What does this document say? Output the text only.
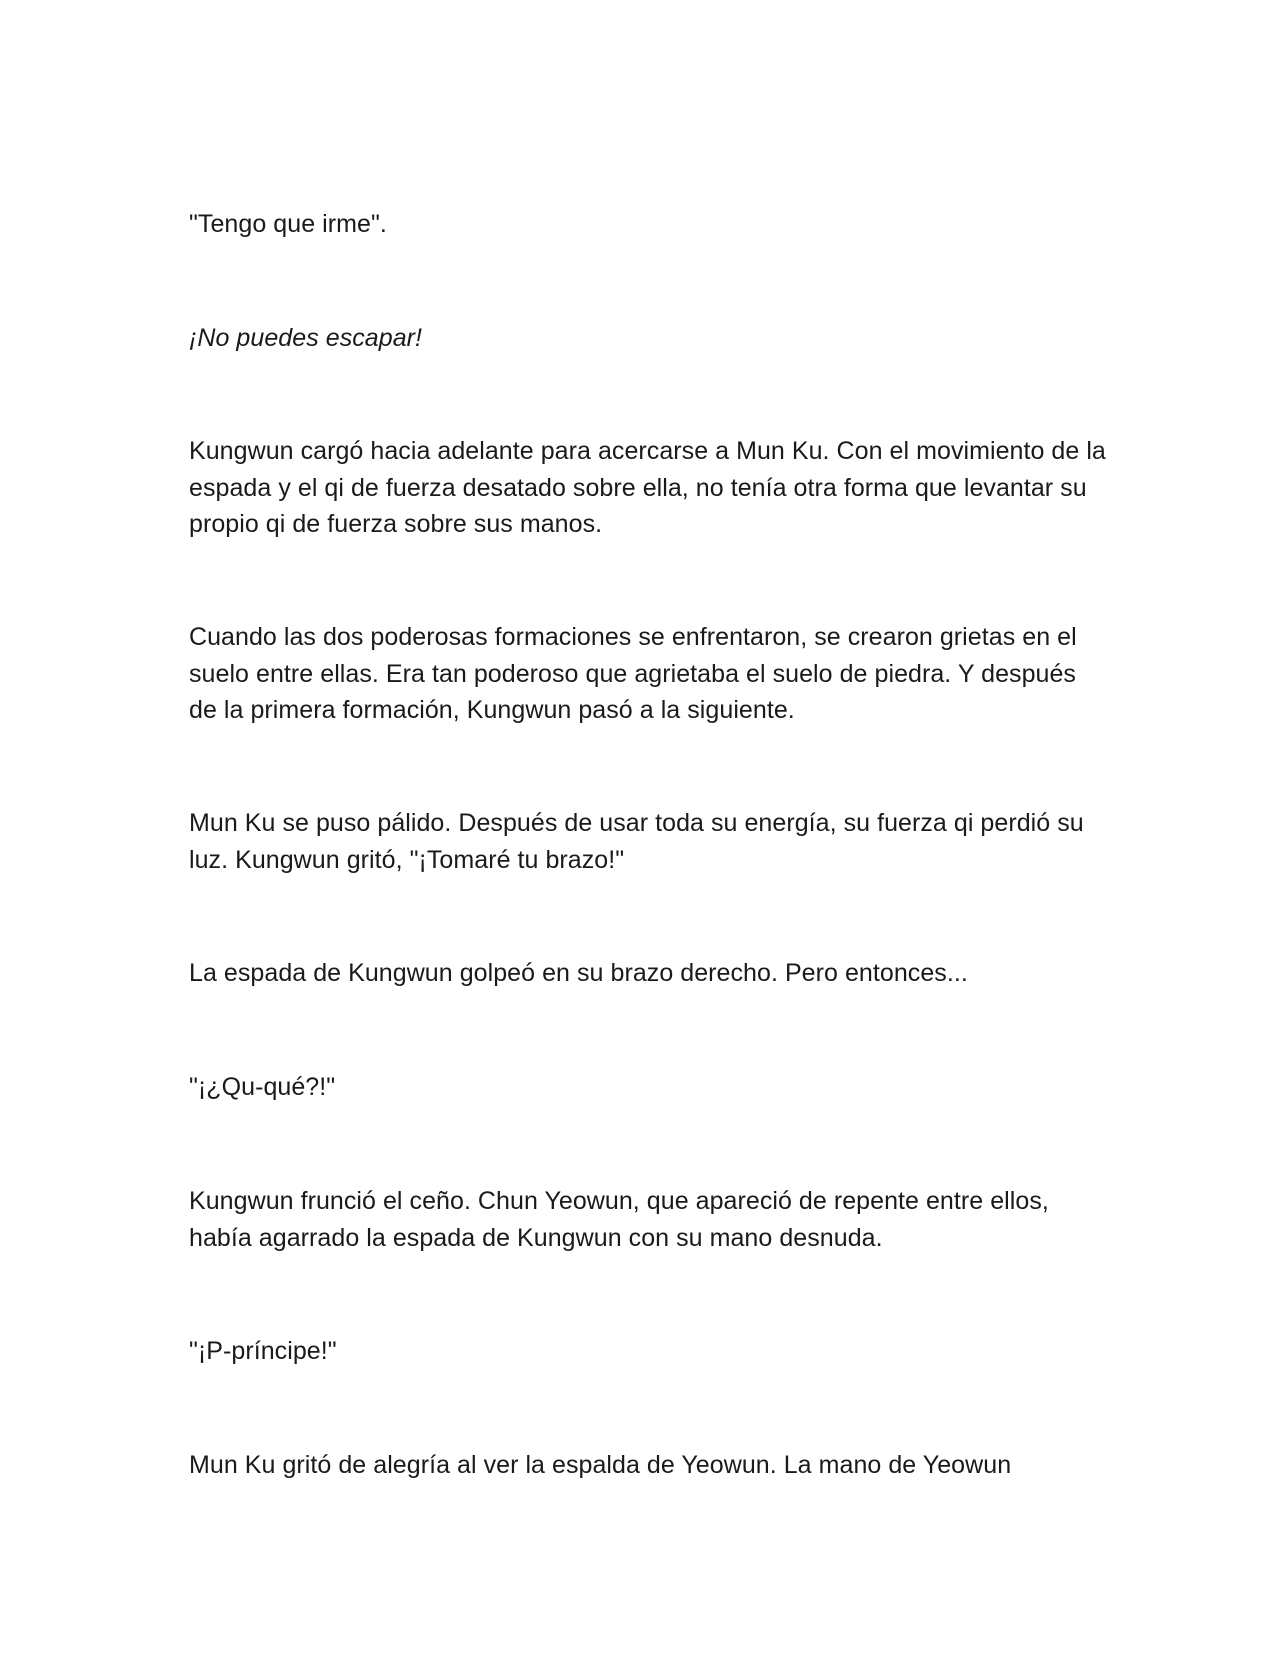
"Tengo que irme".

¡No puedes escapar!

Kungwun cargó hacia adelante para acercarse a Mun Ku. Con el movimiento de la espada y el qi de fuerza desatado sobre ella, no tenía otra forma que levantar su propio qi de fuerza sobre sus manos.

Cuando las dos poderosas formaciones se enfrentaron, se crearon grietas en el suelo entre ellas. Era tan poderoso que agrietaba el suelo de piedra. Y después de la primera formación, Kungwun pasó a la siguiente.

Mun Ku se puso pálido. Después de usar toda su energía, su fuerza qi perdió su luz. Kungwun gritó, "¡Tomaré tu brazo!"

La espada de Kungwun golpeó en su brazo derecho. Pero entonces...

"¡¿Qu-qué?!"

Kungwun frunció el ceño. Chun Yeowun, que apareció de repente entre ellos, había agarrado la espada de Kungwun con su mano desnuda.

"¡P-príncipe!"

Mun Ku gritó de alegría al ver la espalda de Yeowun. La mano de Yeowun
